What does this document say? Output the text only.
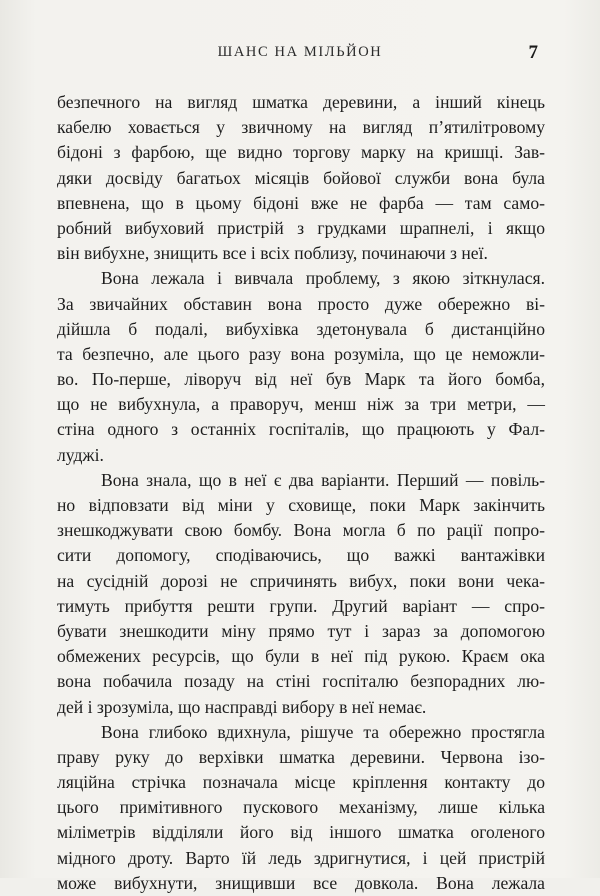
ШАНС НА МІЛЬЙОН	7

безпечного на вигляд шматка деревини, а інший кінець
кабелю ховається у звичному на вигляд п’ятилітровому
бідоні з фарбою, ще видно торгову марку на кришці. Зав-
дяки досвіду багатьох місяців бойової служби вона була
впевнена, що в цьому бідоні вже не фарба — там само-
робний вибуховий пристрій з грудками шрапнелі, і якщо
він вибухне, знищить все і всіх поблизу, починаючи з неї.

Вона лежала і вивчала проблему, з якою зіткнулася.
За звичайних обставин вона просто дуже обережно ві-
дійшла б подалі, вибухівка здетонувала б дистанційно
та безпечно, але цього разу вона розуміла, що це неможли-
во. По-перше, ліворуч від неї був Марк та його бомба,
що не вибухнула, а праворуч, менш ніж за три метри, —
стіна одного з останніх госпіталів, що працюють у Фал-
луджі.

Вона знала, що в неї є два варіанти. Перший — повіль-
но відповзати від міни у сховище, поки Марк закінчить
знешкоджувати свою бомбу. Вона могла б по рації попро-
сити допомогу, сподіваючись, що важкі вантажівки
на сусідній дорозі не спричинять вибух, поки вони чека-
тимуть прибуття решти групи. Другий варіант — спро-
бувати знешкодити міну прямо тут і зараз за допомогою
обмежених ресурсів, що були в неї під рукою. Краєм ока
вона побачила позаду на стіні госпіталю безпорадних лю-
дей і зрозуміла, що насправді вибору в неї немає.

Вона глибоко вдихнула, рішуче та обережно простягла
праву руку до верхівки шматка деревини. Червона ізо-
ляційна стрічка позначала місце кріплення контакту до
цього примітивного пускового механізму, лише кілька
міліметрів відділяли його від іншого шматка оголеного
мідного дроту. Варто їй ледь здригнутися, і цей пристрій
може вибухнути, знищивши все довкола. Вона лежала
